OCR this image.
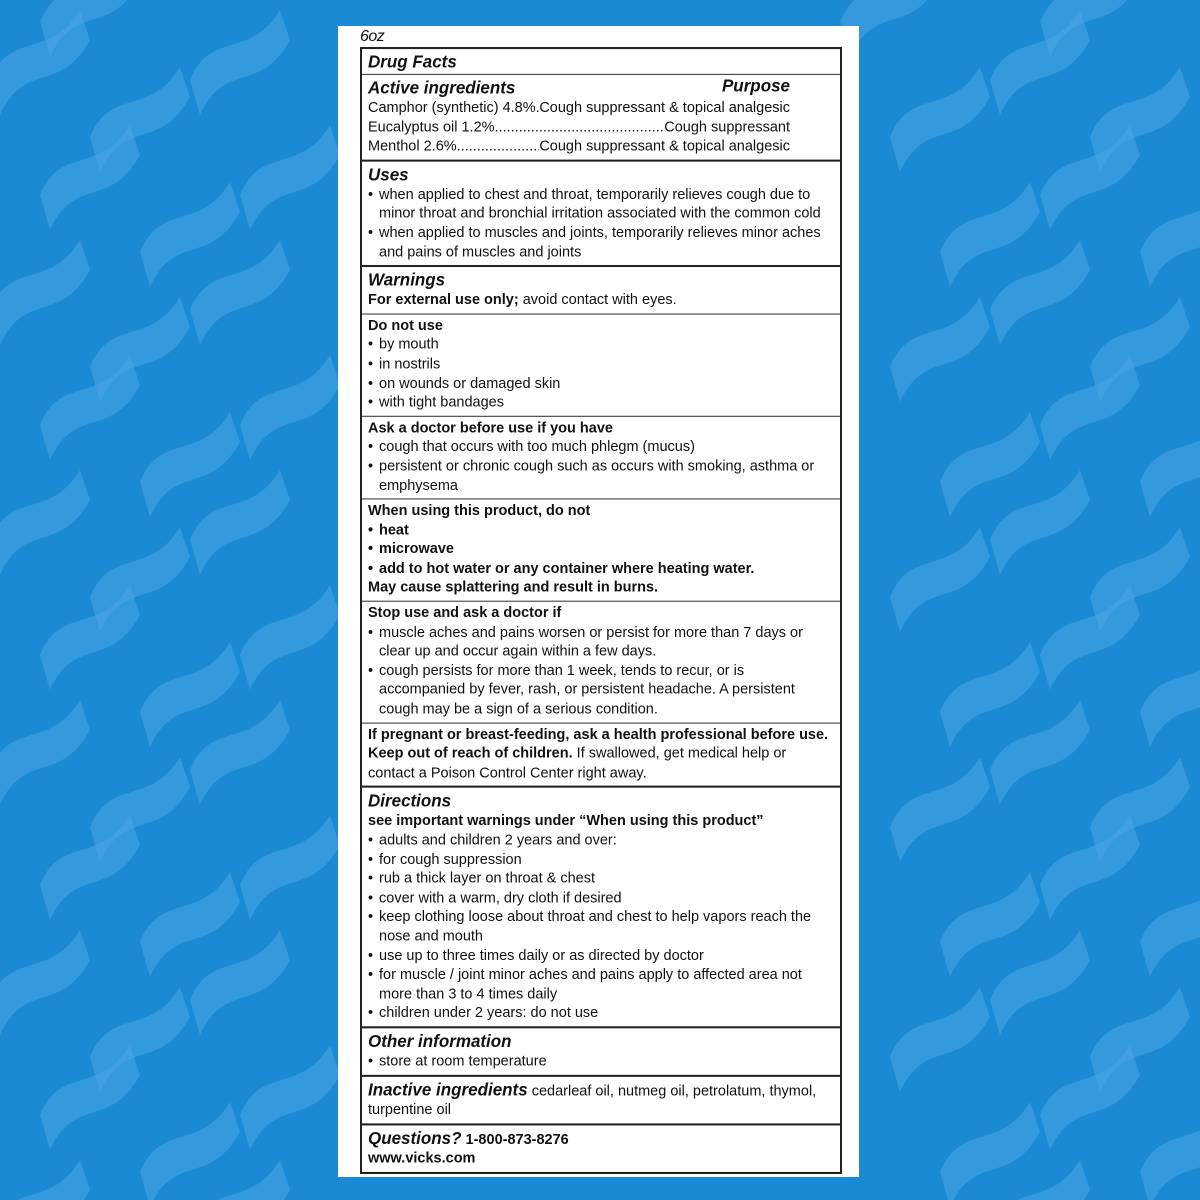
6oz
Drug Facts
Active ingredients	Purpose
Camphor (synthetic) 4.8% ..... Cough suppressant & topical analgesic
Eucalyptus oil 1.2% .....	Cough suppressant
Menthol 2.6% .....	Cough suppressant & topical analgesic
Uses
• when applied to chest and throat, temporarily relieves cough due to minor throat and bronchial irritation associated with the common cold
• when applied to muscles and joints, temporarily relieves minor aches and pains of muscles and joints
Warnings
For external use only; avoid contact with eyes.
Do not use
• by mouth
• in nostrils
• on wounds or damaged skin
• with tight bandages
Ask a doctor before use if you have
• cough that occurs with too much phlegm (mucus)
• persistent or chronic cough such as occurs with smoking, asthma or emphysema
When using this product, do not
• heat
• microwave
• add to hot water or any container where heating water.
May cause splattering and result in burns.
Stop use and ask a doctor if
• muscle aches and pains worsen or persist for more than 7 days or clear up and occur again within a few days.
• cough persists for more than 1 week, tends to recur, or is accompanied by fever, rash, or persistent headache. A persistent cough may be a sign of a serious condition.
If pregnant or breast-feeding, ask a health professional before use.
Keep out of reach of children. If swallowed, get medical help or contact a Poison Control Center right away.
Directions
see important warnings under “When using this product”
• adults and children 2 years and over:
• for cough suppression
• rub a thick layer on throat & chest
• cover with a warm, dry cloth if desired
• keep clothing loose about throat and chest to help vapors reach the nose and mouth
• use up to three times daily or as directed by doctor
• for muscle / joint minor aches and pains apply to affected area not more than 3 to 4 times daily
• children under 2 years: do not use
Other information
• store at room temperature
Inactive ingredients cedarleaf oil, nutmeg oil, petrolatum, thymol, turpentine oil
Questions? 1-800-873-8276
www.vicks.com
